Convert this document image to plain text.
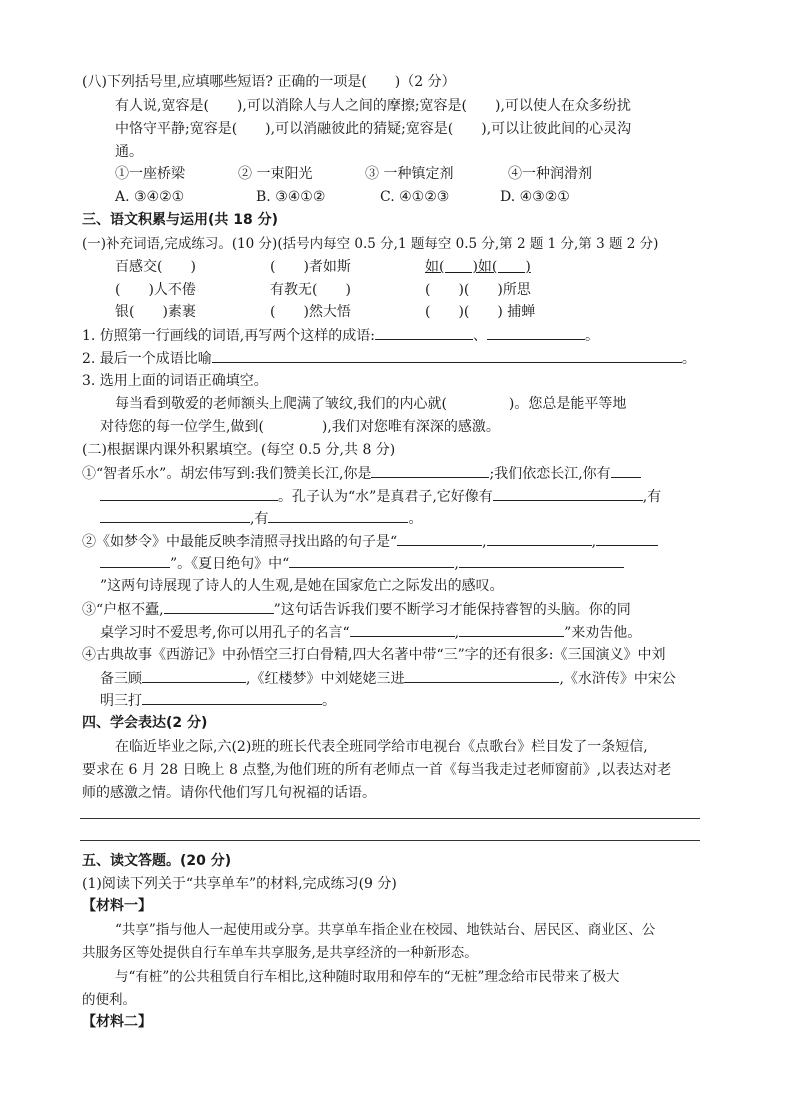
(八)下列括号里,应填哪些短语? 正确的一项是(　　)（2 分）
有人说,宽容是(　　),可以消除人与人之间的摩擦;宽容是(　　),可以使人在众多纷扰
中恪守平静;宽容是(　　),可以消融彼此的猜疑;宽容是(　　),可以让彼此间的心灵沟
通。
①一座桥梁	② 一束阳光	③ 一种镇定剂	④一种润滑剂
A. ③④②①	B. ③④①②	C. ④①②③	D. ④③②①
三、语文积累与运用(共 18 分)
(一)补充词语,完成练习。(10 分)(括号内每空 0.5 分,1 题每空 0.5 分,第 2 题 1 分,第 3 题 2 分)
百感交(　　)	(　　)者如斯	如(　　)如(　　)
(　　)人不倦	有教无(　　)	(　　)(　　)所思
银(　　)素裹	(　　)然大悟	(　　)(　　) 捕蝉
1. 仿照第一行画线的词语,再写两个这样的成语:	、	。
2. 最后一个成语比喻	。
3. 选用上面的词语正确填空。
每当看到敬爱的老师额头上爬满了皱纹,我们的内心就(	)。您总是能平等地
对待您的每一位学生,做到(	),我们对您唯有深深的感激。
(二)根据课内课外积累填空。(每空 0.5 分,共 8 分)
①“智者乐水”。胡宏伟写到:我们赞美长江,你是	;我们依恋长江,你有
。孔子认为“水”是真君子,它好像有	,有
,有	。
②《如梦令》中最能反映李清照寻找出路的句子是“	,	,
”。《夏日绝句》中“	,
”这两句诗展现了诗人的人生观,是她在国家危亡之际发出的感叹。
③“户枢不蠹,	”这句话告诉我们要不断学习才能保持睿智的头脑。你的同
桌学习时不爱思考,你可以用孔子的名言“	,	”来劝告他。
④古典故事《西游记》中孙悟空三打白骨精,四大名著中带“三”字的还有很多:《三国演义》中刘
备三顾	,《红楼梦》中刘姥姥三进	,《水浒传》中宋公
明三打	。
四、学会表达(2 分)
在临近毕业之际,六(2)班的班长代表全班同学给市电视台《点歌台》栏目发了一条短信,
要求在 6 月 28 日晚上 8 点整,为他们班的所有老师点一首《每当我走过老师窗前》,以表达对老
师的感激之情。请你代他们写几句祝福的话语。
五、读文答题。(20 分)
(1)阅读下列关于“共享单车”的材料,完成练习(9 分)
【材料一】
“共享”指与他人一起使用或分享。共享单车指企业在校园、地铁站台、居民区、商业区、公
共服务区等处提供自行车单车共享服务,是共享经济的一种新形态。
与“有桩”的公共租赁自行车相比,这种随时取用和停车的“无桩”理念给市民带来了极大
的便利。
【材料二】
